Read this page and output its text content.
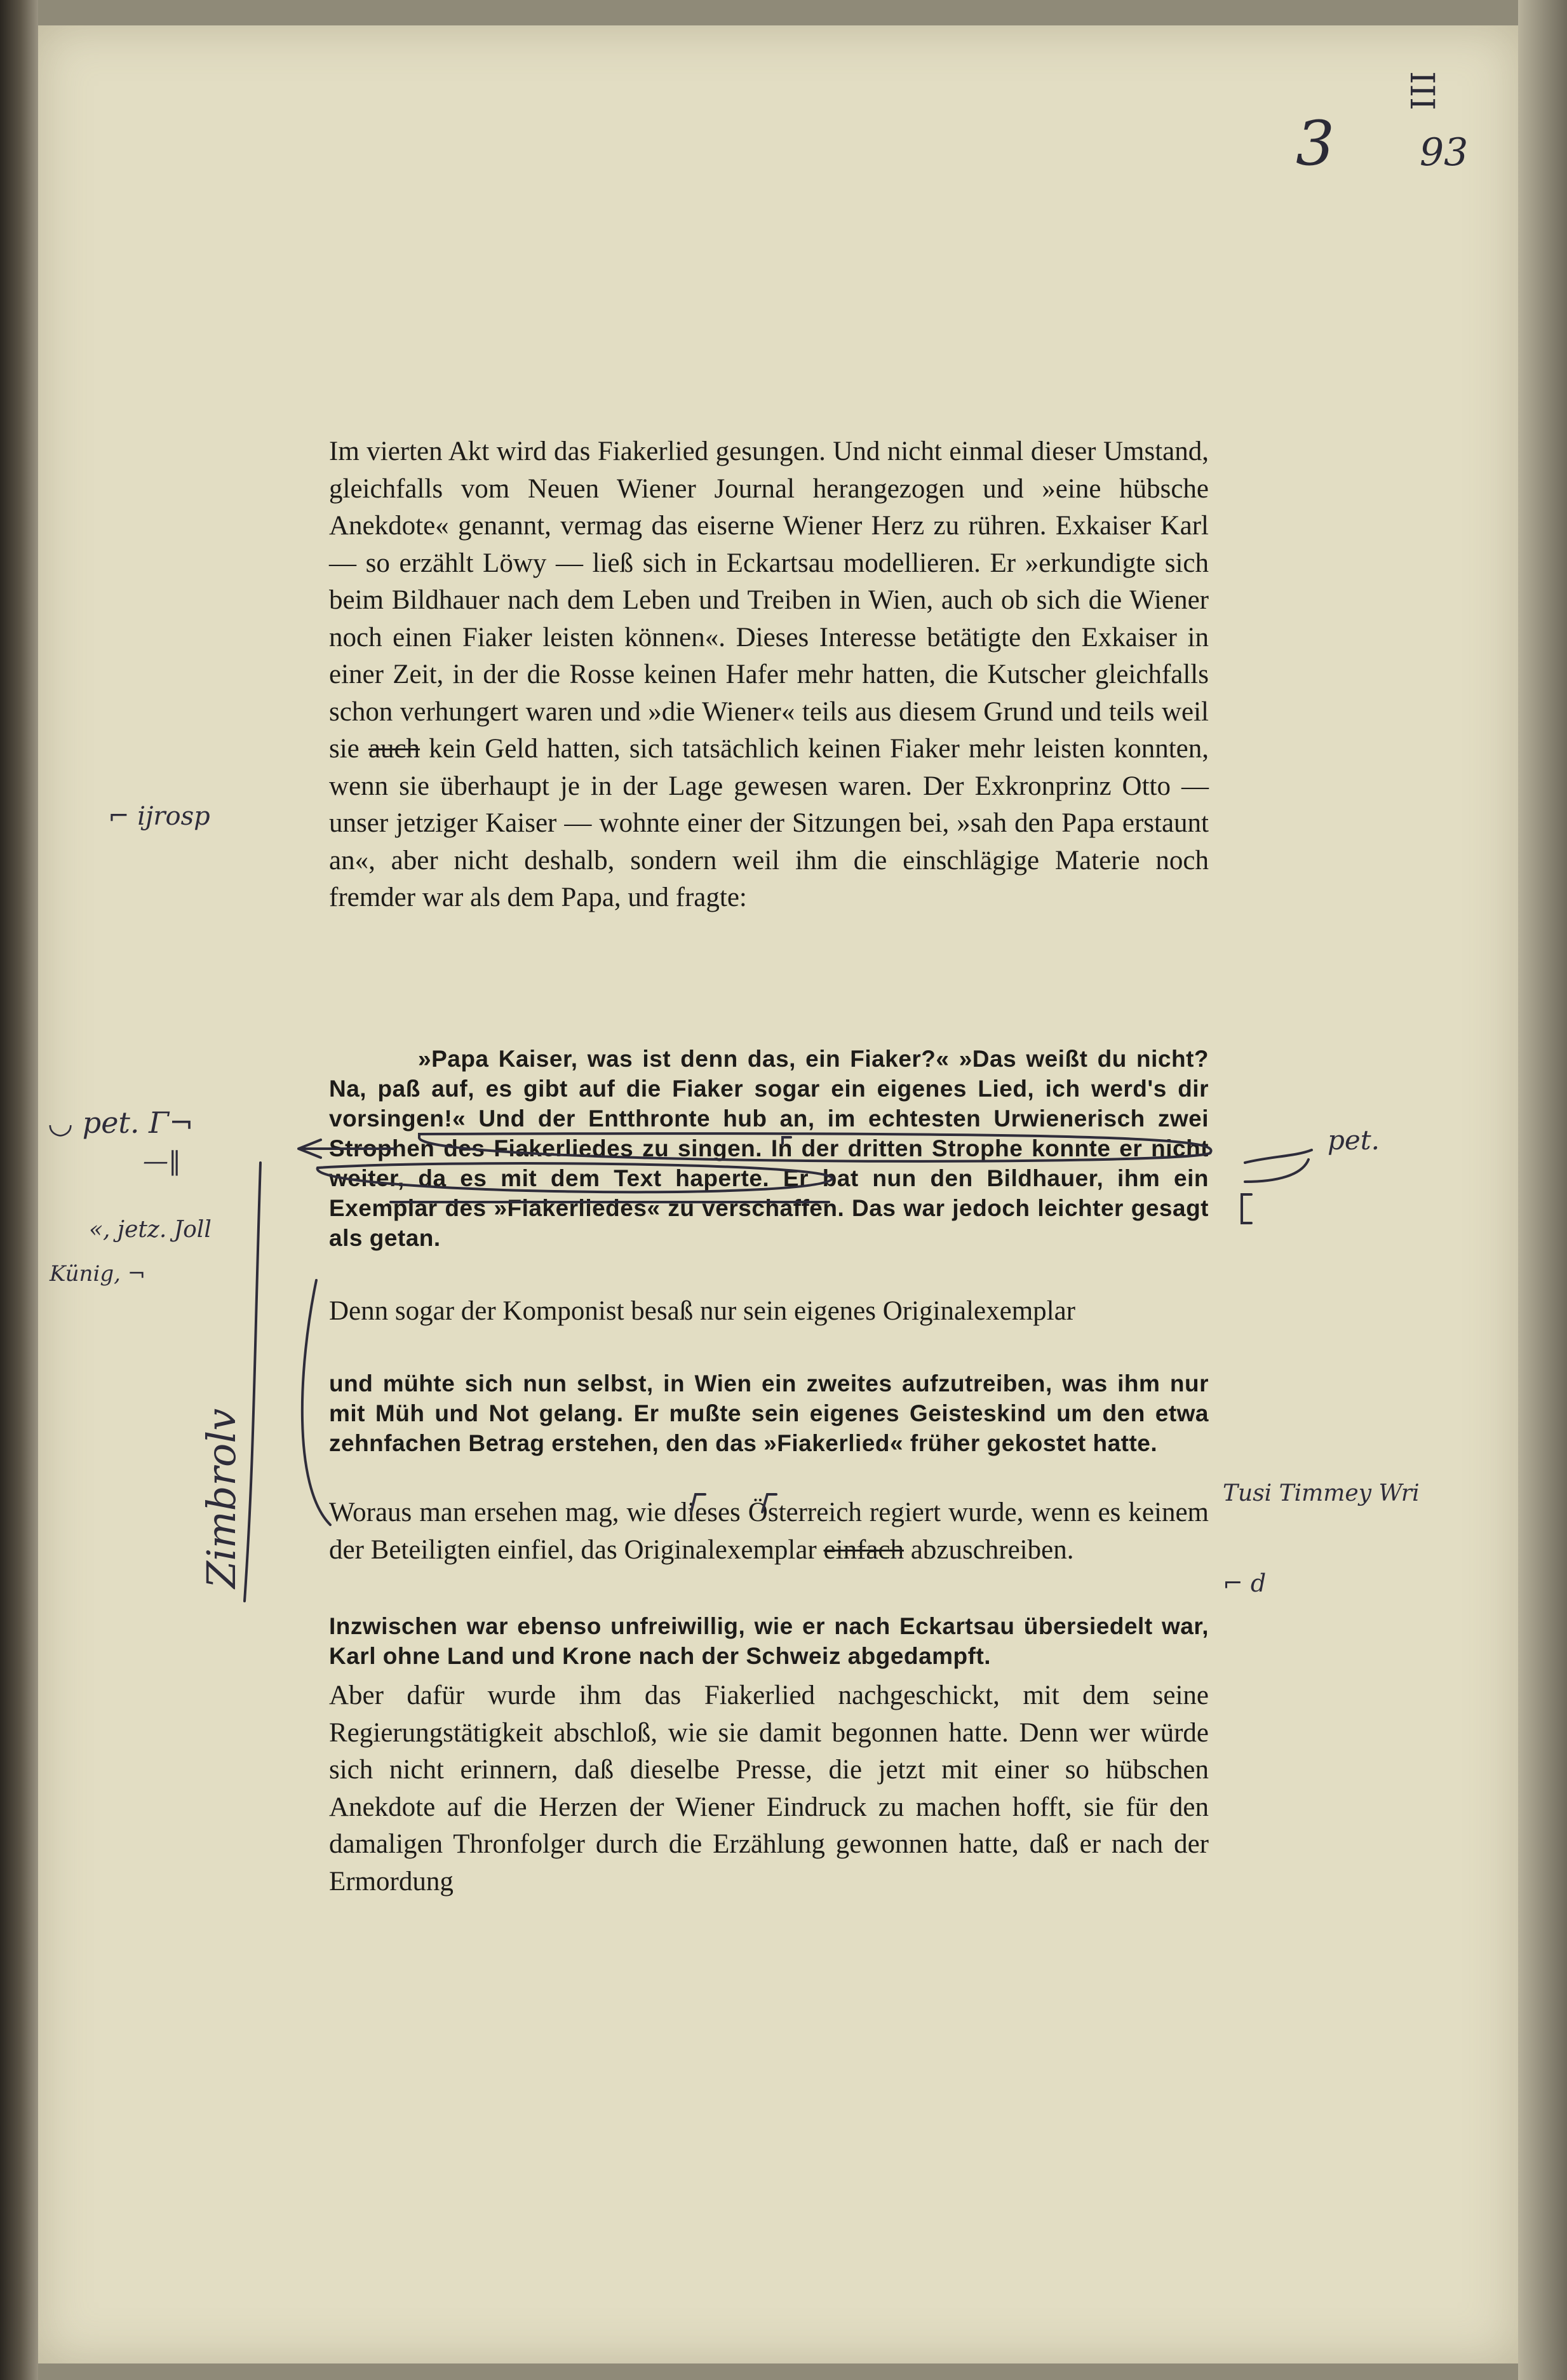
3 93
III

Im vierten Akt wird das Fiakerlied gesungen. Und nicht einmal dieser Umstand, gleichfalls vom Neuen Wiener Journal herangezogen und »eine hübsche Anekdote« genannt, vermag das eiserne Wiener Herz zu rühren. Exkaiser Karl — so erzählt Löwy — ließ sich in Eckartsau modellieren. Er »erkundigte sich beim Bildhauer nach dem Leben und Treiben in Wien, auch ob sich die Wiener noch einen Fiaker leisten können«. Dieses Interesse betätigte den Exkaiser in einer Zeit, in der die Rosse keinen Hafer mehr hatten, die Kutscher gleichfalls schon verhungert waren und »die Wiener« teils aus diesem Grund und teils weil sie auch kein Geld hatten, sich tatsächlich keinen Fiaker mehr leisten konnten, wenn sie überhaupt je in der Lage gewesen waren. Der Exkronprinz Otto — unser jetziger Kaiser — wohnte einer der Sitzungen bei, »sah den Papa erstaunt an«, aber nicht deshalb, sondern weil ihm die einschlägige Materie noch fremder war als dem Papa, und fragte:

»Papa Kaiser, was ist denn das, ein Fiaker?« »Das weißt du nicht? Na, paß auf, es gibt auf die Fiaker sogar ein eigenes Lied, ich werd's dir vorsingen!« Und der Entthronte hub an, im echtesten Urwienerisch zwei Strophen des Fiakerliedes zu singen. In der dritten Strophe konnte er nicht weiter, da es mit dem Text haperte. Er bat nun den Bildhauer, ihm ein Exemplar des »Fiakerliedes« zu verschaffen. Das war jedoch leichter gesagt als getan.

Denn sogar der Komponist besaß nur sein eigenes Originalexemplar

und mühte sich nun selbst, in Wien ein zweites aufzutreiben, was ihm nur mit Müh und Not gelang. Er mußte sein eigenes Geisteskind um den etwa zehnfachen Betrag erstehen, den das »Fiakerlied« früher gekostet hatte.

Woraus man ersehen mag, wie dieses Österreich regiert wurde, wenn es keinem der Beteiligten einfiel, das Originalexemplar einfach abzuschreiben.

Inzwischen war ebenso unfreiwillig, wie er nach Eckartsau übersiedelt war, Karl ohne Land und Krone nach der Schweiz abgedampft.

Aber dafür wurde ihm das Fiakerlied nachgeschickt, mit dem seine Regierungstätigkeit abschloß, wie sie damit begonnen hatte. Denn wer würde sich nicht erinnern, daß dieselbe Presse, die jetzt mit einer so hübschen Anekdote auf die Herzen der Wiener Eindruck zu machen hofft, sie für den damaligen Thronfolger durch die Erzählung gewonnen hatte, daß er nach der Ermordung

⌐ ijrosp
◡ pet. Γ¬
—‖
«, jetz. Joll
Künig, ¬
Zimbrolv
pet.
Tusi Timmey Wri
⌐ d
